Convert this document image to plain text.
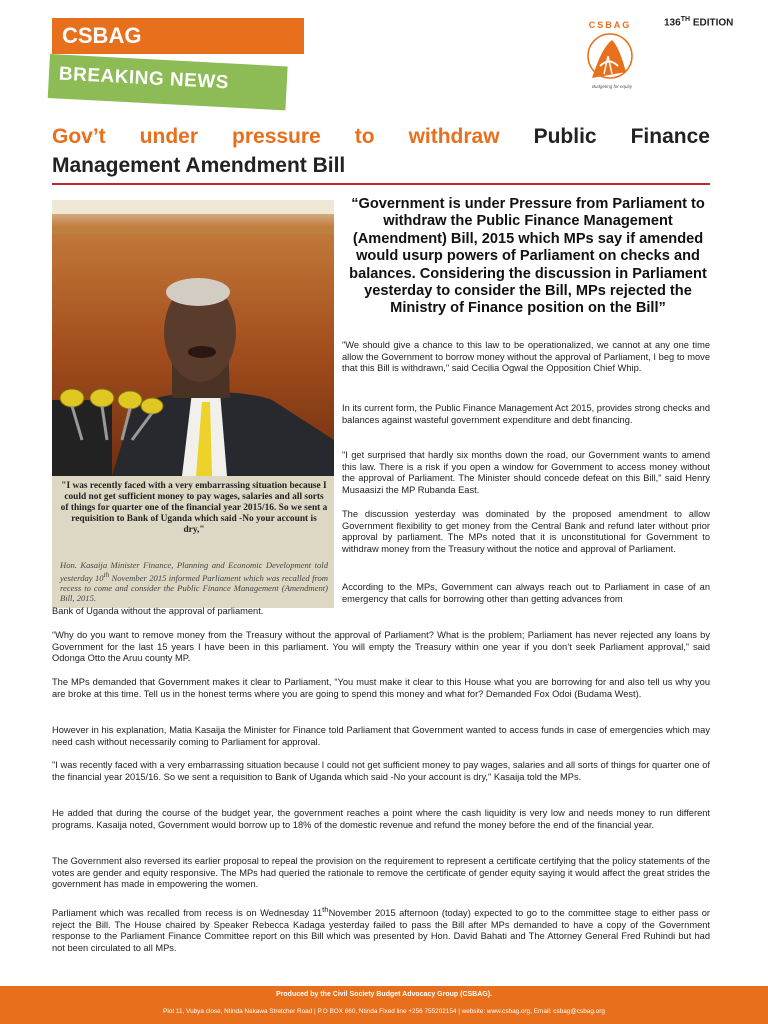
CSBAG
BREAKING NEWS
CSBAG
Budgeting for equity
136TH EDITION
Gov’t under pressure to withdraw Public Finance
Management Amendment Bill
"I was recently faced with a very embarrassing situation because I could not get sufficient money to pay wages, salaries and all sorts of things for quarter one of the financial year 2015/16. So we sent a requisition to Bank of Uganda which said -No your account is dry,"
Hon. Kasaija Minister Finance, Planning and Economic Development told yesterday 10th November 2015 informed Parliament which was recalled from recess to come and consider the Public Finance Management (Amendment) Bill, 2015.
“Government is under Pressure from Parliament to withdraw the Public Finance Management (Amendment) Bill, 2015 which MPs say if amended would usurp powers of Parliament on checks and balances. Considering the discussion in Parliament yesterday to consider the Bill, MPs rejected the Ministry of Finance position on the Bill”
"We should give a chance to this law to be operationalized, we cannot at any one time allow the Government to borrow money without the approval of Parliament, I beg to move that this Bill is withdrawn," said Cecilia Ogwal the Opposition Chief Whip.
In its current form, the Public Finance Management Act 2015, provides strong checks and balances against wasteful government expenditure and debt financing.
"I get surprised that hardly six months down the road, our Government wants to amend this law. There is a risk if you open a window for Government to access money without the approval of Parliament. The Minister should concede defeat on this Bill," said Henry Musaasizi the MP Rubanda East.
The discussion yesterday was dominated by the proposed amendment to allow Government flexibility to get money from the Central Bank and refund later without prior approval by parliament. The MPs noted that it is unconstitutional for Government to withdraw money from the Treasury without the notice and approval of Parliament.
According to the MPs, Government can always reach out to Parliament in case of an emergency that calls for borrowing other than getting advances from
Bank of Uganda without the approval of parliament.
“Why do you want to remove money from the Treasury without the approval of Parliament? What is the problem; Parliament has never rejected any loans by Government for the last 15 years I have been in this parliament. You will empty the Treasury within one year if you don’t seek Parliament approval,” said Odonga Otto the Aruu county MP.
The MPs demanded that Government makes it clear to Parliament, “You must make it clear to this House what you are borrowing for and also tell us why you are broke at this time. Tell us in the honest terms where you are going to spend this money and what for? Demanded Fox Odoi (Budama West).
However in his explanation, Matia Kasaija the Minister for Finance told Parliament that Government wanted to access funds in case of emergencies which may need cash without necessarily coming to Parliament for approval.
"I was recently faced with a very embarrassing situation because I could not get sufficient money to pay wages, salaries and all sorts of things for quarter one of the financial year 2015/16. So we sent a requisition to Bank of Uganda which said -No your account is dry," Kasaija told the MPs.
He added that during the course of the budget year, the government reaches a point where the cash liquidity is very low and needs money to run different programs. Kasaija noted, Government would borrow up to 18% of the domestic revenue and refund the money before the end of the financial year.
The Government also reversed its earlier proposal to repeal the provision on the requirement to represent a certificate certifying that the policy statements of the votes are gender and equity responsive. The MPs had queried the rationale to remove the certificate of gender equity saying it would affect the great strides the government has made in empowering the women.
Parliament which was recalled from recess is on Wednesday 11thNovember 2015 afternoon (today) expected to go to the committee stage to either pass or reject the Bill. The House chaired by Speaker Rebecca Kadaga yesterday failed to pass the Bill after MPs demanded to have a copy of the Government response to the Parliament Finance Committee report on this Bill which was presented by Hon. David Bahati and The Attorney General Fred Ruhindi but had not been circulated to all MPs.
Produced by the Civil Society Budget Advocacy Group (CSBAG).
Plot 11, Vubya close, Ntinda Nakawa Stretcher Road | P.O BOX 660, Ntinda Fixed line +256 755202154 | website: www.csbag.org, Email: csbag@csbag.org
